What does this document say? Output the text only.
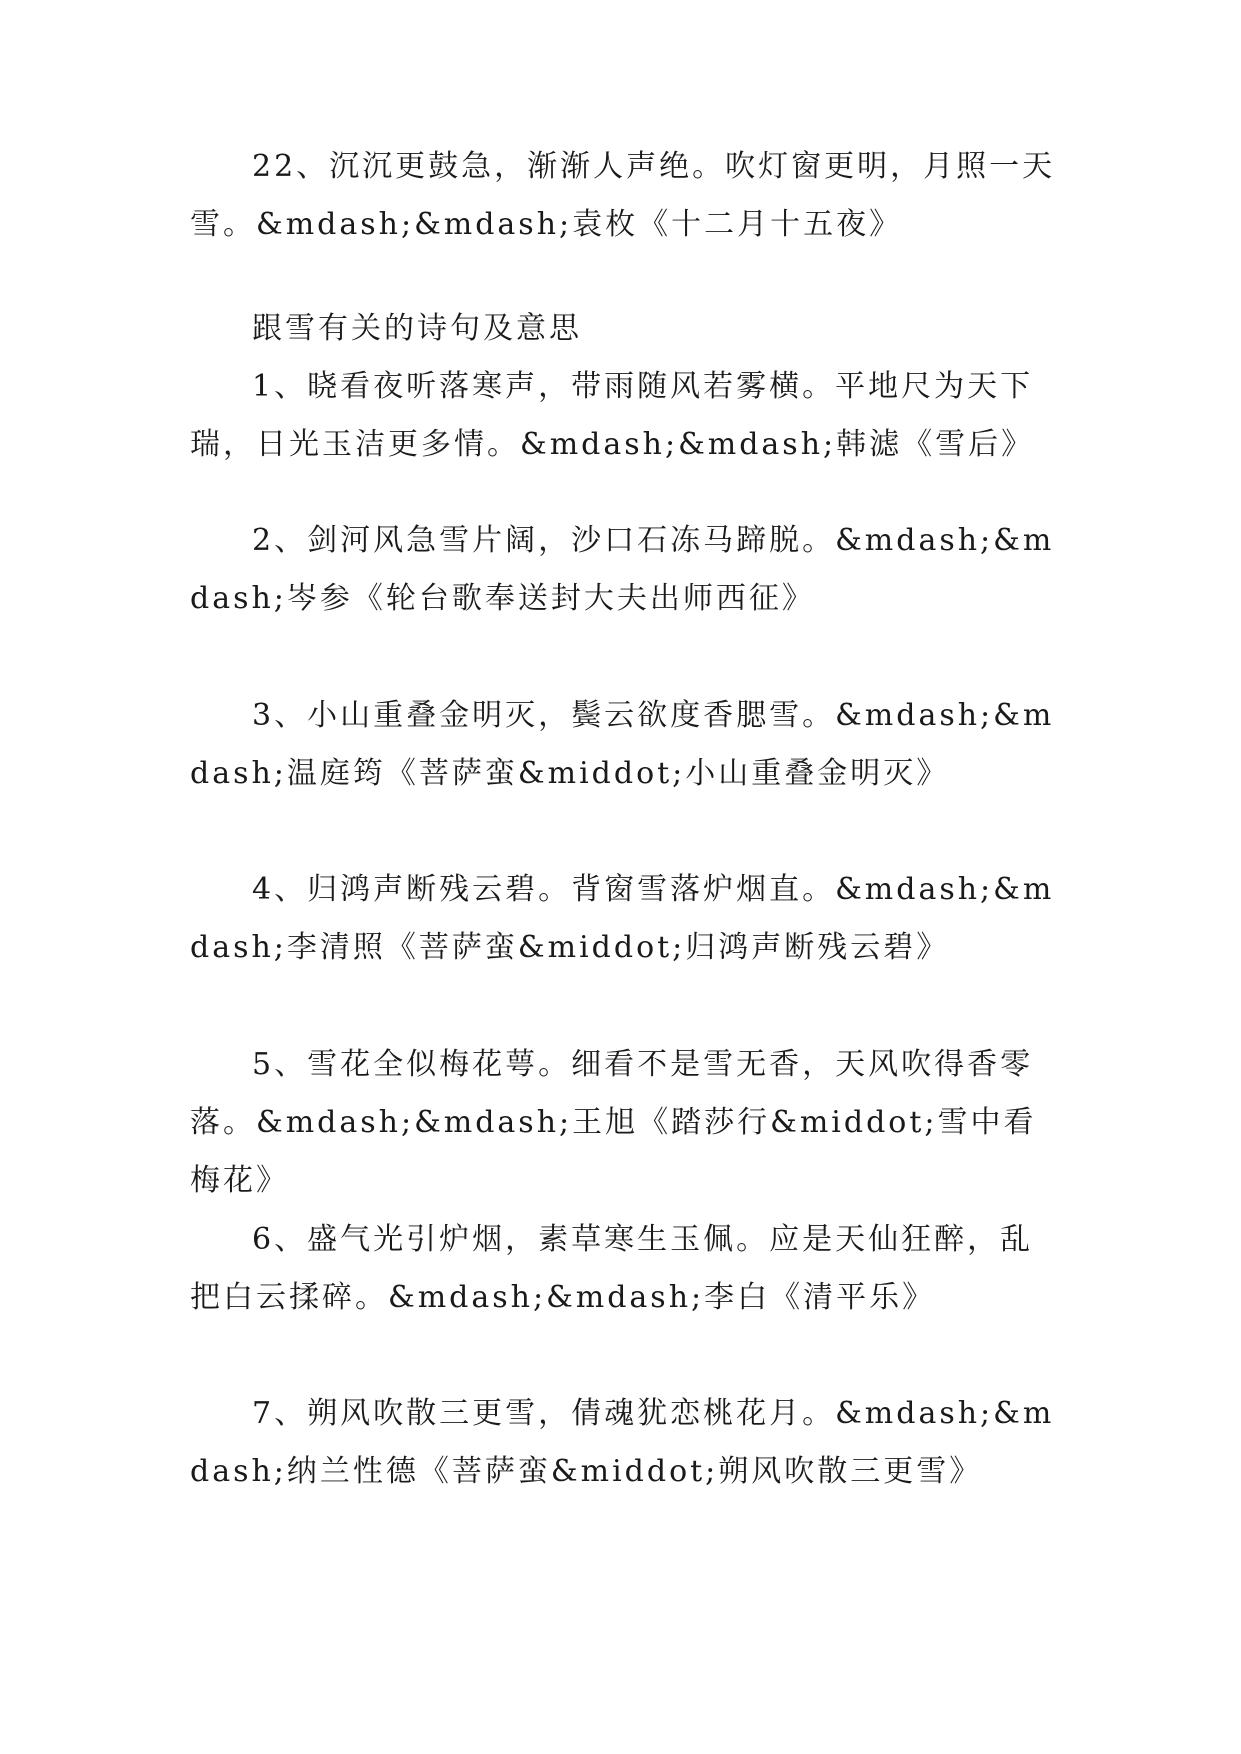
22、沉沉更鼓急，渐渐人声绝。吹灯窗更明，月照一天雪。&mdash;&mdash;袁枚《十二月十五夜》

跟雪有关的诗句及意思

1、晓看夜听落寒声，带雨随风若雾横。平地尺为天下瑞，日光玉洁更多情。&mdash;&mdash;韩滤《雪后》

2、剑河风急雪片阔，沙口石冻马蹄脱。&mdash;&mdash;岑参《轮台歌奉送封大夫出师西征》

3、小山重叠金明灭，鬓云欲度香腮雪。&mdash;&mdash;温庭筠《菩萨蛮&middot;小山重叠金明灭》

4、归鸿声断残云碧。背窗雪落炉烟直。&mdash;&mdash;李清照《菩萨蛮&middot;归鸿声断残云碧》

5、雪花全似梅花萼。细看不是雪无香，天风吹得香零落。&mdash;&mdash;王旭《踏莎行&middot;雪中看梅花》

6、盛气光引炉烟，素草寒生玉佩。应是天仙狂醉，乱把白云揉碎。&mdash;&mdash;李白《清平乐》

7、朔风吹散三更雪，倩魂犹恋桃花月。&mdash;&mdash;纳兰性德《菩萨蛮&middot;朔风吹散三更雪》
